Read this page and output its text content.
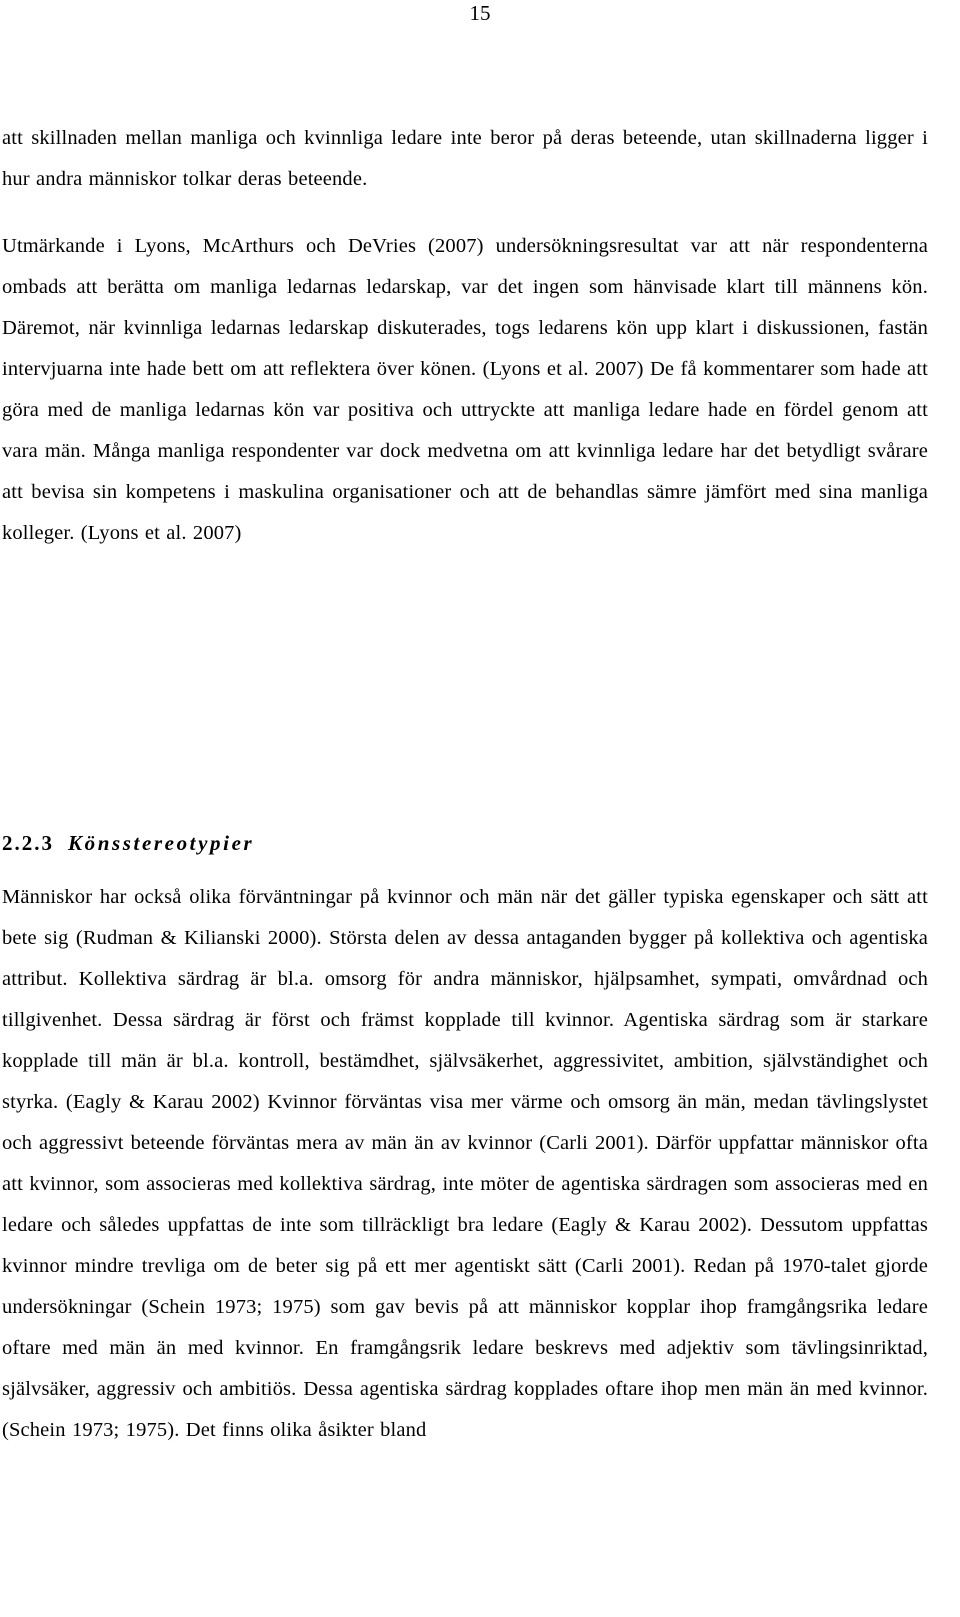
15

att skillnaden mellan manliga och kvinnliga ledare inte beror på deras beteende, utan skillnaderna ligger i hur andra människor tolkar deras beteende.

Utmärkande i Lyons, McArthurs och DeVries (2007) undersökningsresultat var att när respondenterna ombads att berätta om manliga ledarnas ledarskap, var det ingen som hänvisade klart till männens kön. Däremot, när kvinnliga ledarnas ledarskap diskuterades, togs ledarens kön upp klart i diskussionen, fastän intervjuarna inte hade bett om att reflektera över könen. (Lyons et al. 2007) De få kommentarer som hade att göra med de manliga ledarnas kön var positiva och uttryckte att manliga ledare hade en fördel genom att vara män. Många manliga respondenter var dock medvetna om att kvinnliga ledare har det betydligt svårare att bevisa sin kompetens i maskulina organisationer och att de behandlas sämre jämfört med sina manliga kolleger. (Lyons et al. 2007)

2.2.3 Könsstereotypier

Människor har också olika förväntningar på kvinnor och män när det gäller typiska egenskaper och sätt att bete sig (Rudman & Kilianski 2000). Största delen av dessa antaganden bygger på kollektiva och agentiska attribut. Kollektiva särdrag är bl.a. omsorg för andra människor, hjälpsamhet, sympati, omvårdnad och tillgivenhet. Dessa särdrag är först och främst kopplade till kvinnor. Agentiska särdrag som är starkare kopplade till män är bl.a. kontroll, bestämdhet, självsäkerhet, aggressivitet, ambition, självständighet och styrka. (Eagly & Karau 2002) Kvinnor förväntas visa mer värme och omsorg än män, medan tävlingslystet och aggressivt beteende förväntas mera av män än av kvinnor (Carli 2001). Därför uppfattar människor ofta att kvinnor, som associeras med kollektiva särdrag, inte möter de agentiska särdragen som associeras med en ledare och således uppfattas de inte som tillräckligt bra ledare (Eagly & Karau 2002). Dessutom uppfattas kvinnor mindre trevliga om de beter sig på ett mer agentiskt sätt (Carli 2001). Redan på 1970-talet gjorde undersökningar (Schein 1973; 1975) som gav bevis på att människor kopplar ihop framgångsrika ledare oftare med män än med kvinnor. En framgångsrik ledare beskrevs med adjektiv som tävlingsinriktad, självsäker, aggressiv och ambitiös. Dessa agentiska särdrag kopplades oftare ihop men män än med kvinnor. (Schein 1973; 1975). Det finns olika åsikter bland
